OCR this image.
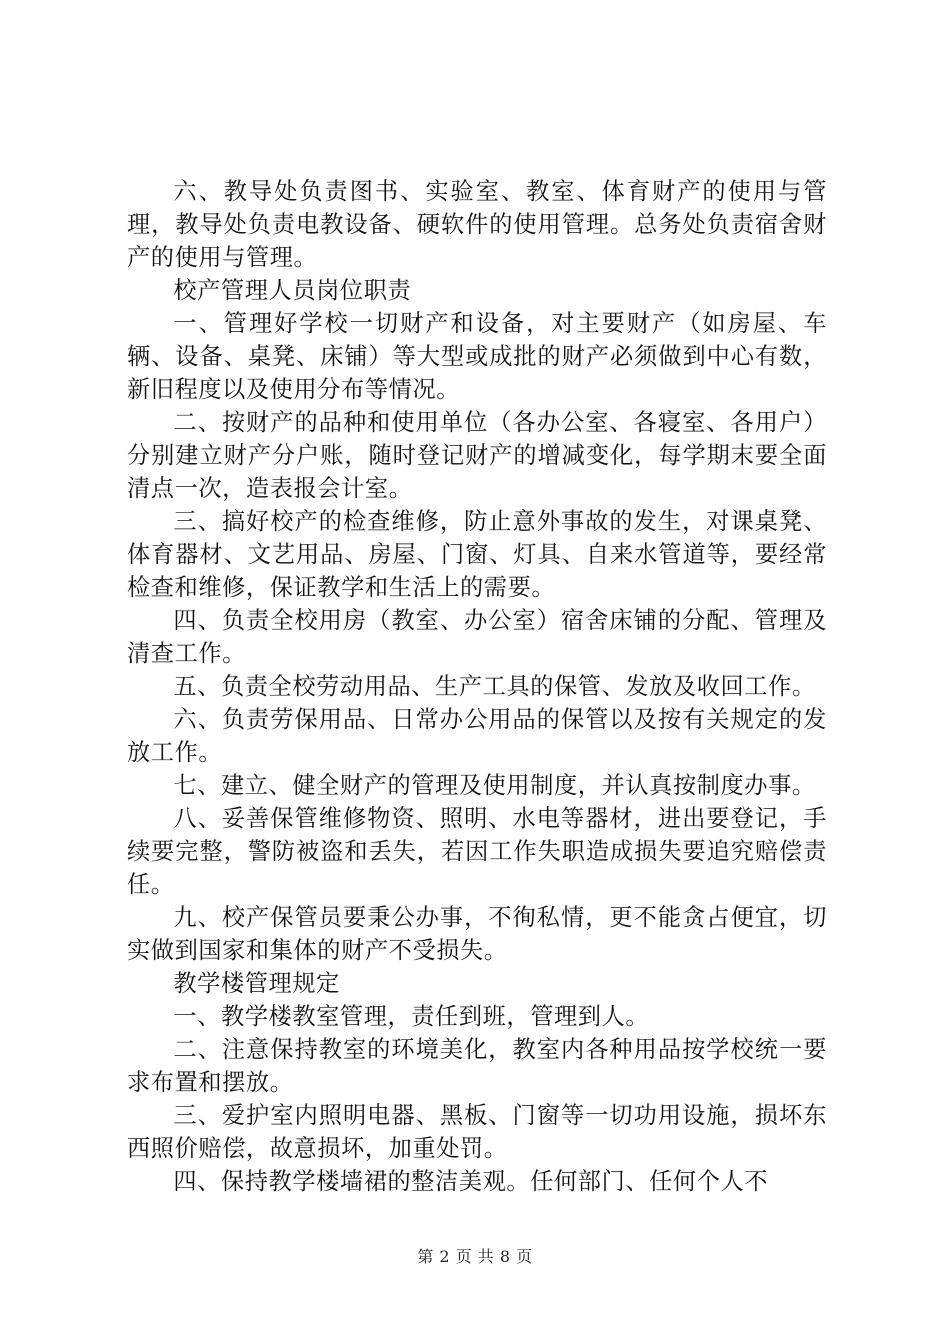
六、教导处负责图书、实验室、教室、体育财产的使用与管理，教导处负责电教设备、硬软件的使用管理。总务处负责宿舍财产的使用与管理。

校产管理人员岗位职责

一、管理好学校一切财产和设备，对主要财产（如房屋、车辆、设备、桌凳、床铺）等大型或成批的财产必须做到中心有数，新旧程度以及使用分布等情况。

二、按财产的品种和使用单位（各办公室、各寝室、各用户）分别建立财产分户账，随时登记财产的增减变化，每学期末要全面清点一次，造表报会计室。

三、搞好校产的检查维修，防止意外事故的发生，对课桌凳、体育器材、文艺用品、房屋、门窗、灯具、自来水管道等，要经常检查和维修，保证教学和生活上的需要。

四、负责全校用房（教室、办公室）宿舍床铺的分配、管理及清查工作。

五、负责全校劳动用品、生产工具的保管、发放及收回工作。

六、负责劳保用品、日常办公用品的保管以及按有关规定的发放工作。

七、建立、健全财产的管理及使用制度，并认真按制度办事。

八、妥善保管维修物资、照明、水电等器材，进出要登记，手续要完整，警防被盗和丢失，若因工作失职造成损失要追究赔偿责任。

九、校产保管员要秉公办事，不徇私情，更不能贪占便宜，切实做到国家和集体的财产不受损失。

教学楼管理规定

一、教学楼教室管理，责任到班，管理到人。

二、注意保持教室的环境美化，教室内各种用品按学校统一要求布置和摆放。

三、爱护室内照明电器、黑板、门窗等一切功用设施，损坏东西照价赔偿，故意损坏，加重处罚。

四、保持教学楼墙裙的整洁美观。任何部门、任何个人不

第 2 页 共 8 页
